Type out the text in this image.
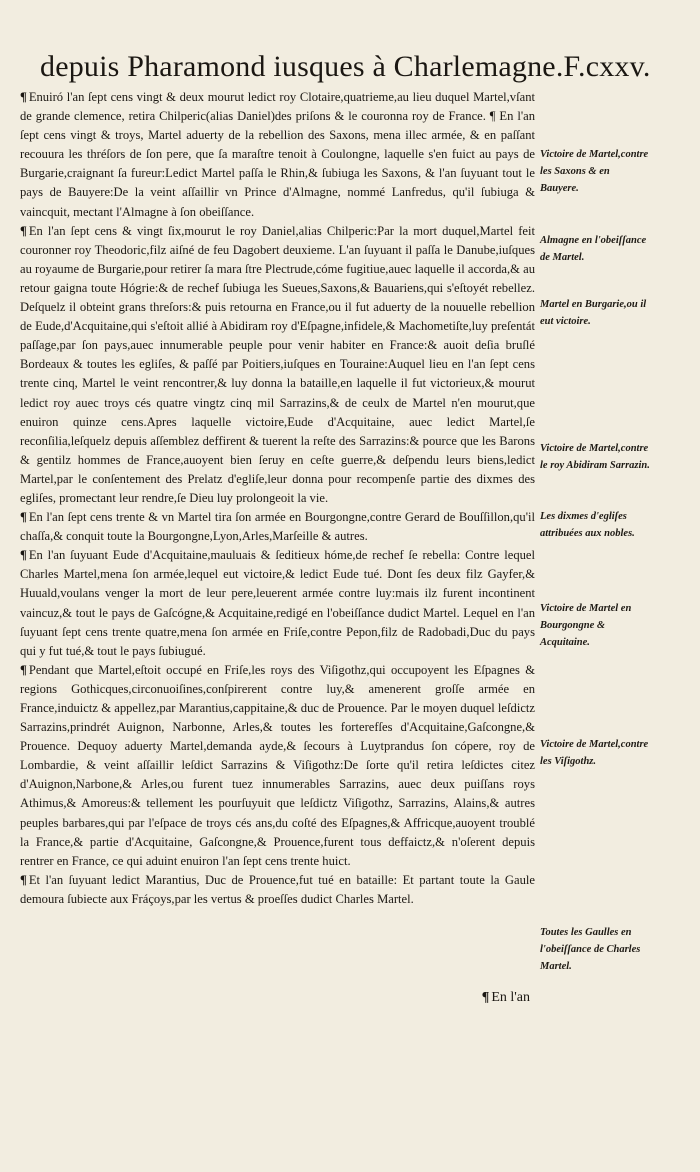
depuis Pharamond iusques à Charlemagne.F.cxxv.

¶ Enuiró l'an ſept cens vingt & deux mourut ledict roy Clotaire,quatrieme,au lieu duquel Martel,vſant de grande clemence, retira Chilperic(alias Daniel)des priſons & le couronna roy de France. ¶ En l'an ſept cens vingt & troys, Martel aduerty de la rebellion des Saxons, mena illec armée, & en paſſant recouura les thréſors de ſon pere, que ſa maraſtre tenoit à Coulongne, laquelle s'en fuict au pays de Burgarie,craignant ſa fureur:Ledict Martel paſſa le Rhin,& ſubiuga les Saxons, & l'an ſuyuant tout le pays de Bauyere:De la veint aſſaillir vn Prince d'Almagne, nommé Lanfredus, qu'il ſubiuga & vaincquit, mectant l'Almagne à ſon obeiſſance.

¶ En l'an ſept cens & vingt ſix,mourut le roy Daniel,alias Chilperic:Par la mort duquel,Martel feit couronner roy Theodoric,filz aiſné de feu Dagobert deuxieme. L'an ſuyuant il paſſa le Danube,iuſques au royaume de Burgarie,pour retirer ſa mara ſtre Plectrude,cóme fugitiue,auec laquelle il accorda,& au retour gaigna toute Hógrie:& de rechef ſubiuga les Sueues,Saxons,& Bauariens,qui s'eſtoyét rebellez. Deſquelz il obteint grans threſors:& puis retourna en France,ou il fut aduerty de la nouuelle rebellion de Eude,d'Acquitaine,qui s'eſtoit allié à Abidiram roy d'Eſpagne,infidele,& Machometiſte,luy preſentát paſſage,par ſon pays,auec innumerable peuple pour venir habiter en France:& auoit deſia bruſlé Bordeaux & toutes les egliſes, & paſſé par Poitiers,iuſques en Touraine:Auquel lieu en l'an ſept cens trente cinq, Martel le veint rencontrer,& luy donna la bataille,en laquelle il fut victorieux,& mourut ledict roy auec troys cés quatre vingtz cinq mil Sarrazins,& de ceulx de Martel n'en mourut,que enuiron quinze cens.Apres laquelle victoire,Eude d'Acquitaine, auec ledict Martel,ſe reconſilia,leſquelz depuis aſſemblez deffirent & tuerent la reſte des Sarrazins:& pource que les Barons & gentilz hommes de France,auoyent bien ſeruy en ceſte guerre,& deſpendu leurs biens,ledict Martel,par le conſentement des Prelatz d'egliſe,leur donna pour recompenſe partie des dixmes des egliſes, promectant leur rendre,ſe Dieu luy prolongeoit la vie.

¶ En l'an ſept cens trente & vn Martel tira ſon armée en Bourgongne,contre Gerard de Bouſſillon,qu'il chaſſa,& conquit toute la Bourgongne,Lyon,Arles,Marſeille & autres.

¶ En l'an ſuyuant Eude d'Acquitaine,mauluais & ſeditieux hóme,de rechef ſe rebella: Contre lequel Charles Martel,mena ſon armée,lequel eut victoire,& ledict Eude tué. Dont ſes deux filz Gayfer,& Huuald,voulans venger la mort de leur pere,leuerent armée contre luy:mais ilz furent incontinent vaincuz,& tout le pays de Gaſcógne,& Acquitaine,redigé en l'obeiſſance dudict Martel. Lequel en l'an ſuyuant ſept cens trente quatre,mena ſon armée en Friſe,contre Pepon,filz de Radobadi,Duc du pays qui y fut tué,& tout le pays ſubiugué.

¶ Pendant que Martel,eſtoit occupé en Friſe,les roys des Viſigothz,qui occupoyent les Eſpagnes & regions Gothicques,circonuoiſines,conſpirerent contre luy,& amenerent groſſe armée en France,induictz & appellez,par Marantius,cappitaine,& duc de Prouence. Par le moyen duquel leſdictz Sarrazins,prindrét Auignon, Narbonne, Arles,& toutes les forterefſes d'Acquitaine,Gaſcongne,& Prouence. Dequoy aduerty Martel,demanda ayde,& ſecours à Luytprandus ſon cópere, roy de Lombardie, & veint aſſaillir leſdict Sarrazins & Viſigothz:De ſorte qu'il retira leſdictes citez d'Auignon,Narbone,& Arles,ou furent tuez innumerables Sarrazins, auec deux puiſſans roys Athimus,& Amoreus:& tellement les pourſuyuit que leſdictz Viſigothz, Sarrazins, Alains,& autres peuples barbares,qui par l'eſpace de troys cés ans,du coſté des Eſpagnes,& Affricque,auoyent troublé la France,& partie d'Acquitaine, Gaſcongne,& Prouence,furent tous deffaictz,& n'oſerent depuis rentrer en France, ce qui aduint enuiron l'an ſept cens trente huict.

¶ Et l'an ſuyuant ledict Marantius, Duc de Prouence,fut tué en bataille: Et partant toute la Gaule demoura ſubiecte aux Fráçoys,par les vertus & proeſſes dudict Charles Martel.

Victoire de Martel,contre les Saxons & en Bauyere.
Almagne en l'obeiſſance de Martel.
Martel en Burgarie,ou il eut victoire.
Victoire de Martel,contre le roy Abidiram Sarrazin.
Les dixmes d'egliſes attribuées aux nobles.
Victoire de Martel en Bourgongne & Acquitaine.
Victoire de Martel,contre les Viſigothz.
Toutes les Gaulles en l'obeiſſance de Charles Martel.
¶ En l'an
